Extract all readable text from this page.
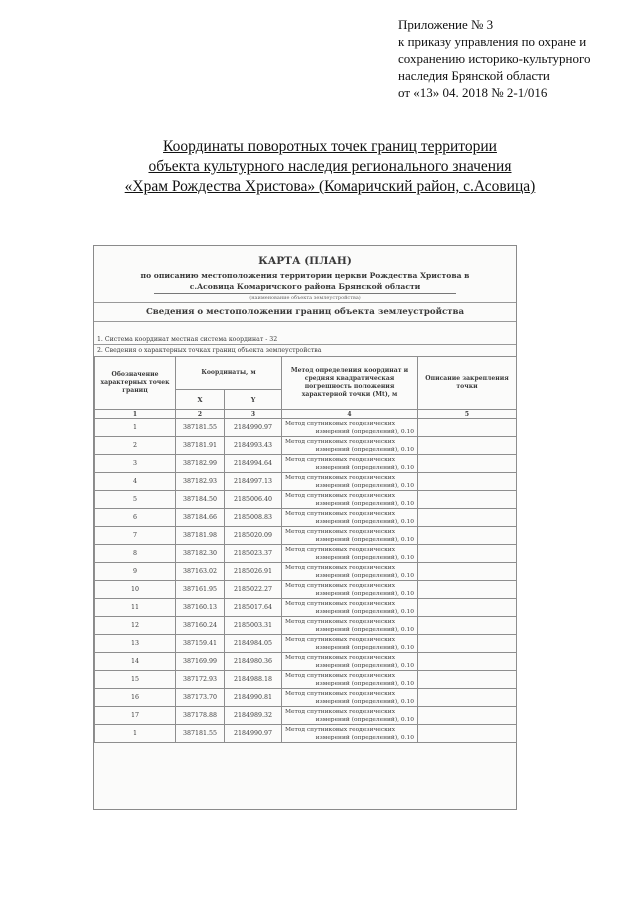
Приложение № 3
к приказу управления по охране и
сохранению историко-культурного
наследия Брянской области
от «13» 04. 2018 № 2-1/016
Координаты поворотных точек границ территории
объекта культурного наследия регионального значения
«Храм Рождества Христова» (Комаричский район, с.Асовица)
КАРТА (ПЛАН)
по описанию местоположения территории церкви Рождества Христова в
с.Асовица Комаричского района Брянской области
(наименование объекта землеустройства)
Сведения о местоположении границ объекта землеустройства
1. Система координат местная система координат - 32
2. Сведения о характерных точках границ объекта землеустройства
Обозначение характерных точек границ	Координаты, м		Метод определения координат и средняя квадратическая погрешность положения характерной точки (Mt), м	Описание закрепления точки
	X	Y		
1	2	3	4	5
1	387181.55	2184990.97	Метод спутниковых геодезических
измерений (определений), 0.10	

2	387181.91	2184993.43	Метод спутниковых геодезических
измерений (определений), 0.10	

3	387182.99	2184994.64	Метод спутниковых геодезических
измерений (определений), 0.10	

4	387182.93	2184997.13	Метод спутниковых геодезических
измерений (определений), 0.10	

5	387184.50	2185006.40	Метод спутниковых геодезических
измерений (определений), 0.10	

6	387184.66	2185008.83	Метод спутниковых геодезических
измерений (определений), 0.10	

7	387181.98	2185020.09	Метод спутниковых геодезических
измерений (определений), 0.10	

8	387182.30	2185023.37	Метод спутниковых геодезических
измерений (определений), 0.10	

9	387163.02	2185026.91	Метод спутниковых геодезических
измерений (определений), 0.10	

10	387161.95	2185022.27	Метод спутниковых геодезических
измерений (определений), 0.10	

11	387160.13	2185017.64	Метод спутниковых геодезических
измерений (определений), 0.10	

12	387160.24	2185003.31	Метод спутниковых геодезических
измерений (определений), 0.10	

13	387159.41	2184984.05	Метод спутниковых геодезических
измерений (определений), 0.10	

14	387169.99	2184980.36	Метод спутниковых геодезических
измерений (определений), 0.10	

15	387172.93	2184988.18	Метод спутниковых геодезических
измерений (определений), 0.10	

16	387173.70	2184990.81	Метод спутниковых геодезических
измерений (определений), 0.10	

17	387178.88	2184989.32	Метод спутниковых геодезических
измерений (определений), 0.10	

1	387181.55	2184990.97	Метод спутниковых геодезических
измерений (определений), 0.10	
